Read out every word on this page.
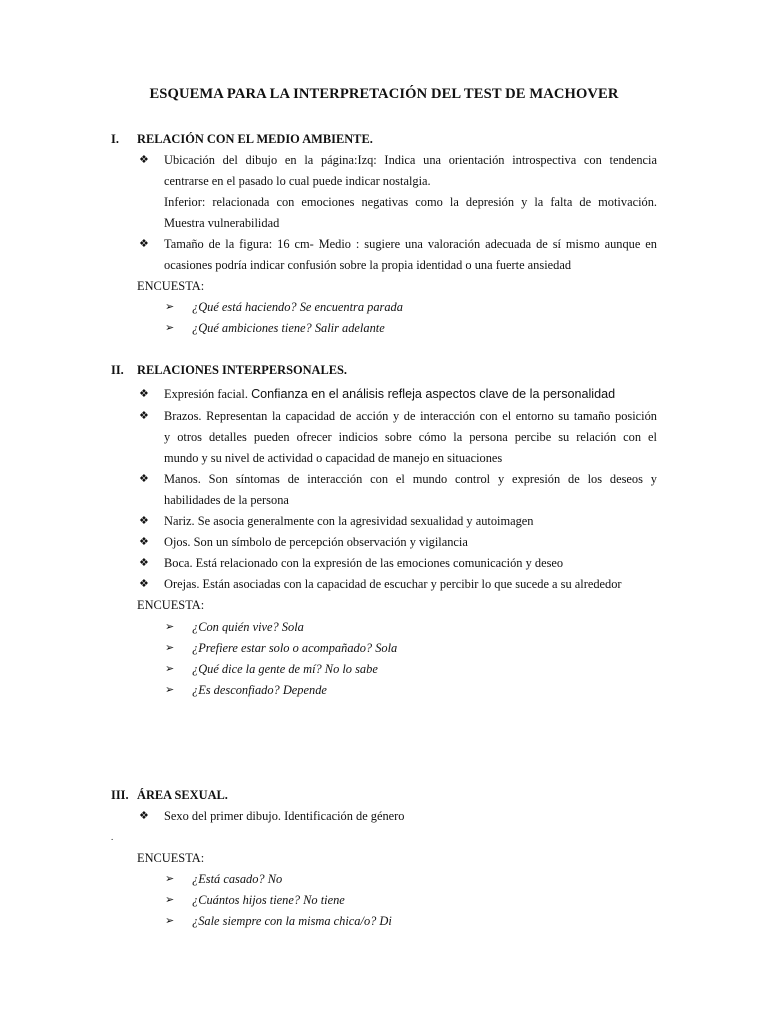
ESQUEMA PARA LA INTERPRETACIÓN DEL TEST DE MACHOVER
I. RELACIÓN CON EL MEDIO AMBIENTE.
❖ Ubicación del dibujo en la página:Izq: Indica una orientación introspectiva con tendencia
centrarse en el pasado lo cual puede indicar nostalgia.
Inferior: relacionada con emociones negativas como la depresión y la falta de motivación.
Muestra vulnerabilidad
❖ Tamaño de la figura: 16 cm- Medio : sugiere una valoración adecuada de sí mismo aunque en
ocasiones podría indicar confusión sobre la propia identidad o una fuerte ansiedad
ENCUESTA:
➢ ¿Qué está haciendo? Se encuentra parada
➢ ¿Qué ambiciones tiene? Salir adelante
II. RELACIONES INTERPERSONALES.
❖ Expresión facial. Confianza en el análisis refleja aspectos clave de la personalidad
❖ Brazos. Representan la capacidad de acción y de interacción con el entorno su tamaño posición
y otros detalles pueden ofrecer indicios sobre cómo la persona percibe su relación con el
mundo y su nivel de actividad o capacidad de manejo en situaciones
❖ Manos. Son síntomas de interacción con el mundo control y expresión de los deseos y
habilidades de la persona
❖ Nariz. Se asocia generalmente con la agresividad sexualidad y autoimagen
❖ Ojos. Son un símbolo de percepción observación y vigilancia
❖ Boca. Está relacionado con la expresión de las emociones comunicación y deseo
❖ Orejas. Están asociadas con la capacidad de escuchar y percibir lo que sucede a su alrededor
ENCUESTA:
➢ ¿Con quién vive? Sola
➢ ¿Prefiere estar solo o acompañado? Sola
➢ ¿Qué dice la gente de mí? No lo sabe
➢ ¿Es desconfiado? Depende
III. ÁREA SEXUAL.
❖ Sexo del primer dibujo. Identificación de género
.
ENCUESTA:
➢ ¿Está casado? No
➢ ¿Cuántos hijos tiene? No tiene
➢ ¿Sale siempre con la misma chica/o? Di
